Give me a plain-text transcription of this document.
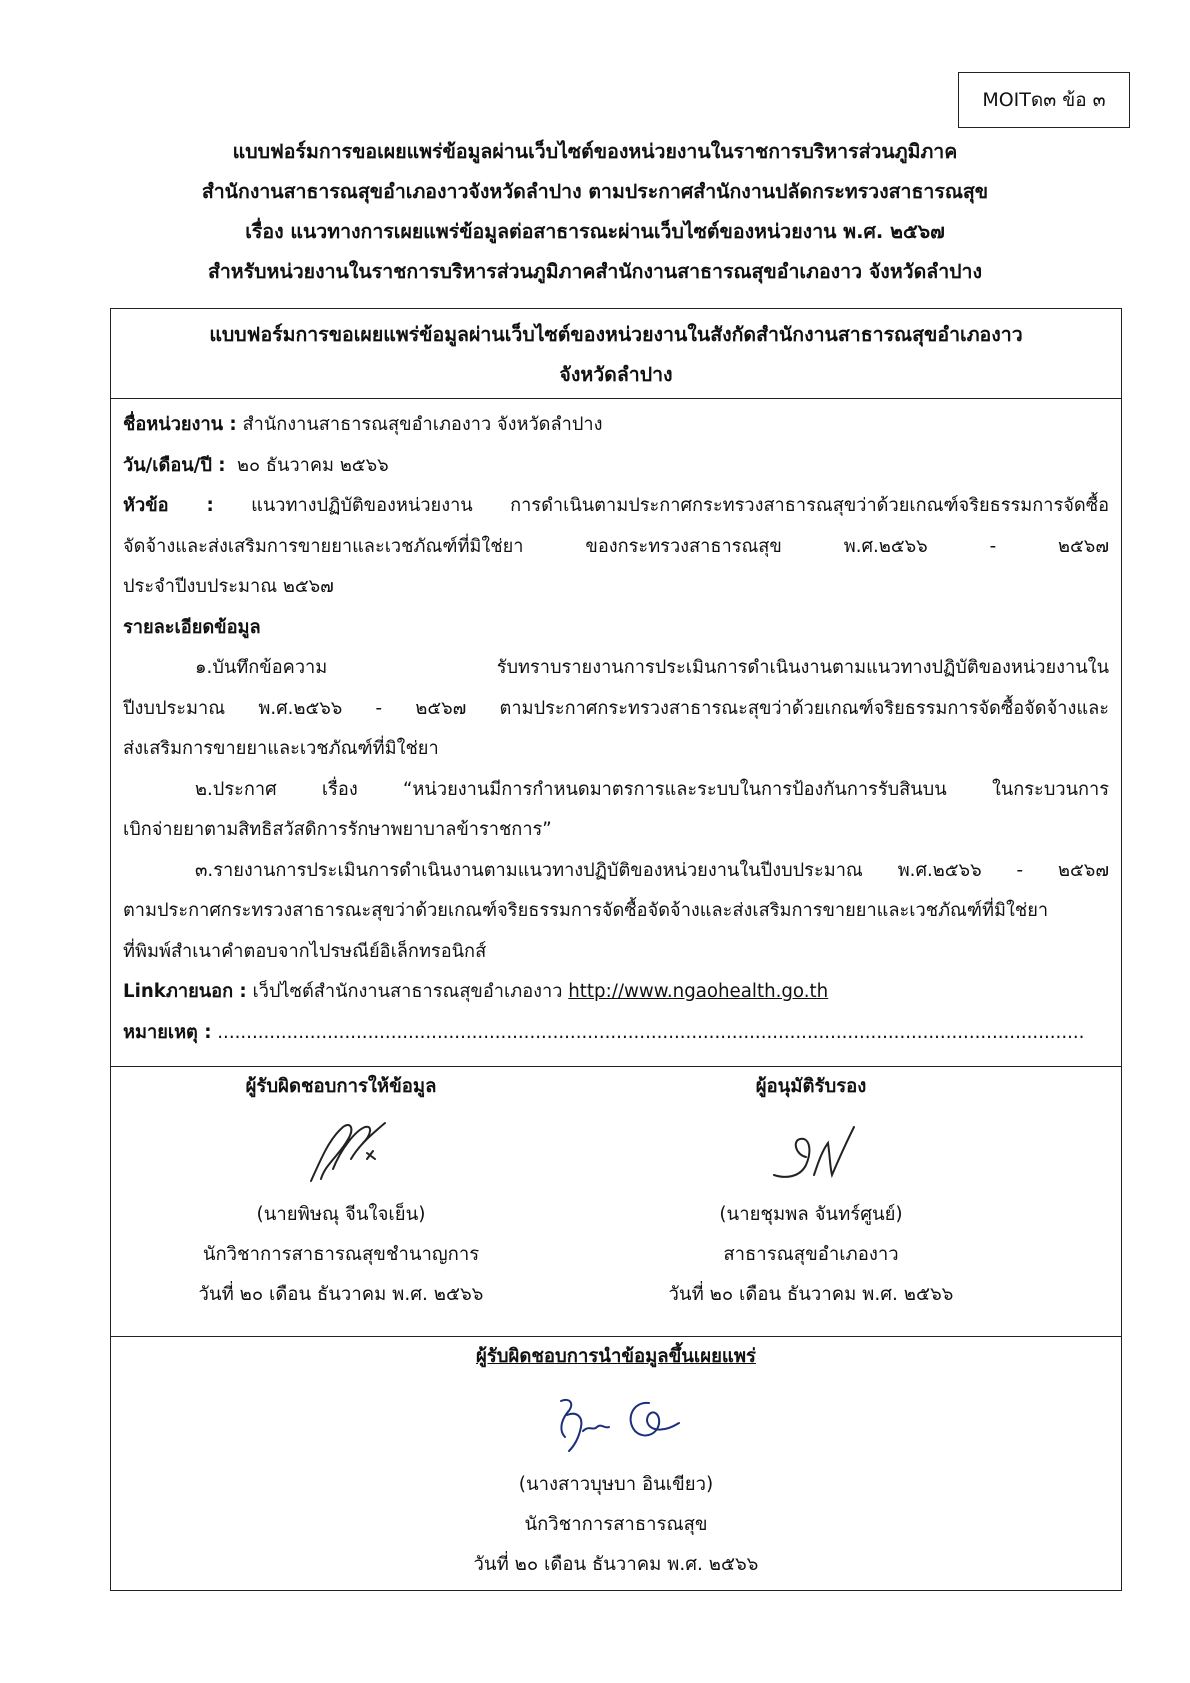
MOITด๓ ข้อ ๓
แบบฟอร์มการขอเผยแพร่ข้อมูลผ่านเว็บไซต์ของหน่วยงานในราชการบริหารส่วนภูมิภาค
สำนักงานสาธารณสุขอำเภองาวจังหวัดลำปาง ตามประกาศสำนักงานปลัดกระทรวงสาธารณสุข
เรื่อง แนวทางการเผยแพร่ข้อมูลต่อสาธารณะผ่านเว็บไซต์ของหน่วยงาน พ.ศ. ๒๕๖๗
สำหรับหน่วยงานในราชการบริหารส่วนภูมิภาคสำนักงานสาธารณสุขอำเภองาว จังหวัดลำปาง
แบบฟอร์มการขอเผยแพร่ข้อมูลผ่านเว็บไซต์ของหน่วยงานในสังกัดสำนักงานสาธารณสุขอำเภองาว
จังหวัดลำปาง

ชื่อหน่วยงาน : สำนักงานสาธารณสุขอำเภองาว จังหวัดลำปาง

วัน/เดือน/ปี : ๒๐ ธันวาคม ๒๕๖๖

หัวข้อ : แนวทางปฏิบัติของหน่วยงาน การดำเนินตามประกาศกระทรวงสาธารณสุขว่าด้วยเกณฑ์จริยธรรมการจัดซื้อ
จัดจ้างและส่งเสริมการขายยาและเวชภัณฑ์ที่มิใช่ยา ของกระทรวงสาธารณสุข พ.ศ.๒๕๖๖ - ๒๕๖๗
ประจำปีงบประมาณ ๒๕๖๗

รายละเอียดข้อมูล

๑.บันทึกข้อความ รับทราบรายงานการประเมินการดำเนินงานตามแนวทางปฏิบัติของหน่วยงานใน
ปีงบประมาณ พ.ศ.๒๕๖๖ - ๒๕๖๗ ตามประกาศกระทรวงสาธารณะสุขว่าด้วยเกณฑ์จริยธรรมการจัดซื้อจัดจ้างและ
ส่งเสริมการขายยาและเวชภัณฑ์ที่มิใช่ยา

๒.ประกาศ เรื่อง “หน่วยงานมีการกำหนดมาตรการและระบบในการป้องกันการรับสินบน ในกระบวนการ
เบิกจ่ายยาตามสิทธิสวัสดิการรักษาพยาบาลข้าราชการ”

๓.รายงานการประเมินการดำเนินงานตามแนวทางปฏิบัติของหน่วยงานในปีงบประมาณ พ.ศ.๒๕๖๖ - ๒๕๖๗
ตามประกาศกระทรวงสาธารณะสุขว่าด้วยเกณฑ์จริยธรรมการจัดซื้อจัดจ้างและส่งเสริมการขายยาและเวชภัณฑ์ที่มิใช่ยา
ที่พิมพ์สำเนาคำตอบจากไปรษณีย์อิเล็กทรอนิกส์

Linkภายนอก : เว็ปไซต์สำนักงานสาธารณสุขอำเภองาว http://www.ngaohealth.go.th

หมายเหตุ : ......................................................................................................................................................

ผู้รับผิดชอบการให้ข้อมูล
(นายพิษณุ จีนใจเย็น)
นักวิชาการสาธารณสุขชำนาญการ
วันที่ ๒๐ เดือน ธันวาคม พ.ศ. ๒๕๖๖
ผู้อนุมัติรับรอง
(นายชุมพล จันทร์ศูนย์)
สาธารณสุขอำเภองาว
วันที่ ๒๐ เดือน ธันวาคม พ.ศ. ๒๕๖๖
ผู้รับผิดชอบการนำข้อมูลขึ้นเผยแพร่
(นางสาวบุษบา อินเขียว)
นักวิชาการสาธารณสุข
วันที่ ๒๐ เดือน ธันวาคม พ.ศ. ๒๕๖๖
